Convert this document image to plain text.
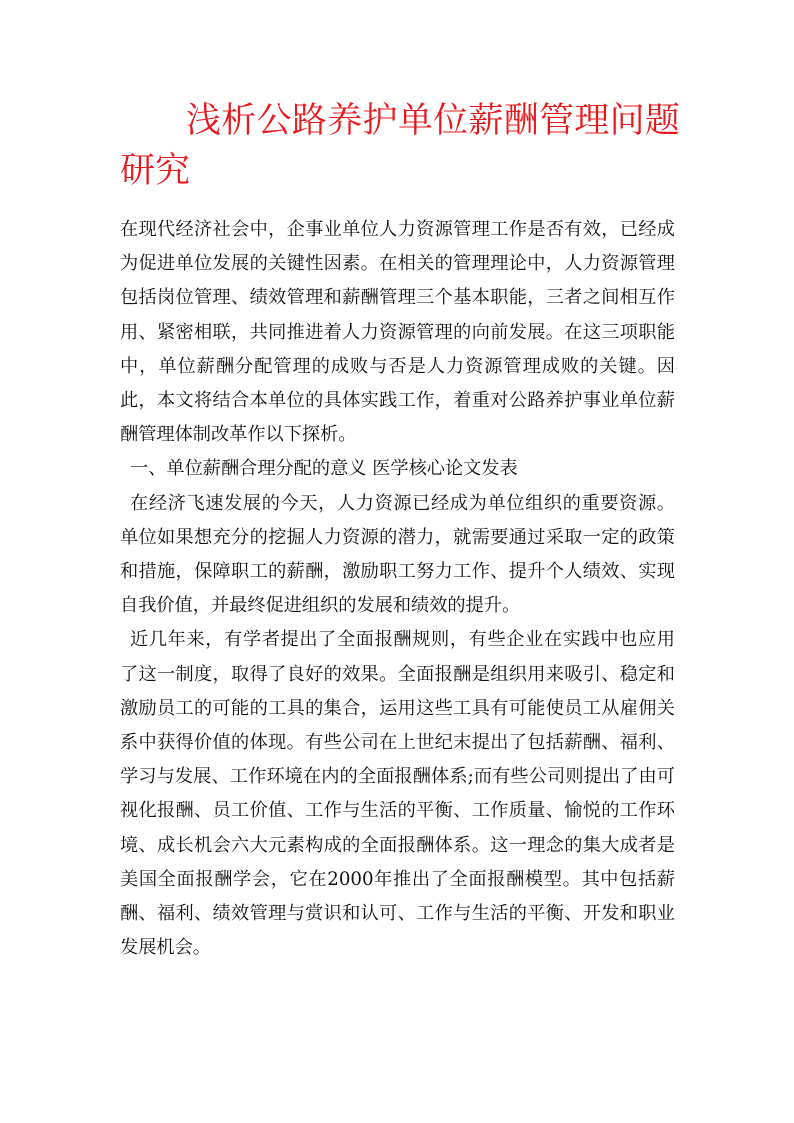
浅析公路养护单位薪酬管理问题研究

在现代经济社会中，企事业单位人力资源管理工作是否有效，已经成为促进单位发展的关键性因素。在相关的管理理论中，人力资源管理包括岗位管理、绩效管理和薪酬管理三个基本职能，三者之间相互作用、紧密相联，共同推进着人力资源管理的向前发展。在这三项职能中，单位薪酬分配管理的成败与否是人力资源管理成败的关键。因此，本文将结合本单位的具体实践工作，着重对公路养护事业单位薪酬管理体制改革作以下探析。

一、单位薪酬合理分配的意义 医学核心论文发表

在经济飞速发展的今天，人力资源已经成为单位组织的重要资源。单位如果想充分的挖掘人力资源的潜力，就需要通过采取一定的政策和措施，保障职工的薪酬，激励职工努力工作、提升个人绩效、实现自我价值，并最终促进组织的发展和绩效的提升。

近几年来，有学者提出了全面报酬规则，有些企业在实践中也应用了这一制度，取得了良好的效果。全面报酬是组织用来吸引、稳定和激励员工的可能的工具的集合，运用这些工具有可能使员工从雇佣关系中获得价值的体现。有些公司在上世纪末提出了包括薪酬、福利、学习与发展、工作环境在内的全面报酬体系;而有些公司则提出了由可视化报酬、员工价值、工作与生活的平衡、工作质量、愉悦的工作环境、成长机会六大元素构成的全面报酬体系。这一理念的集大成者是美国全面报酬学会，它在2000年推出了全面报酬模型。其中包括薪酬、福利、绩效管理与赏识和认可、工作与生活的平衡、开发和职业发展机会。
